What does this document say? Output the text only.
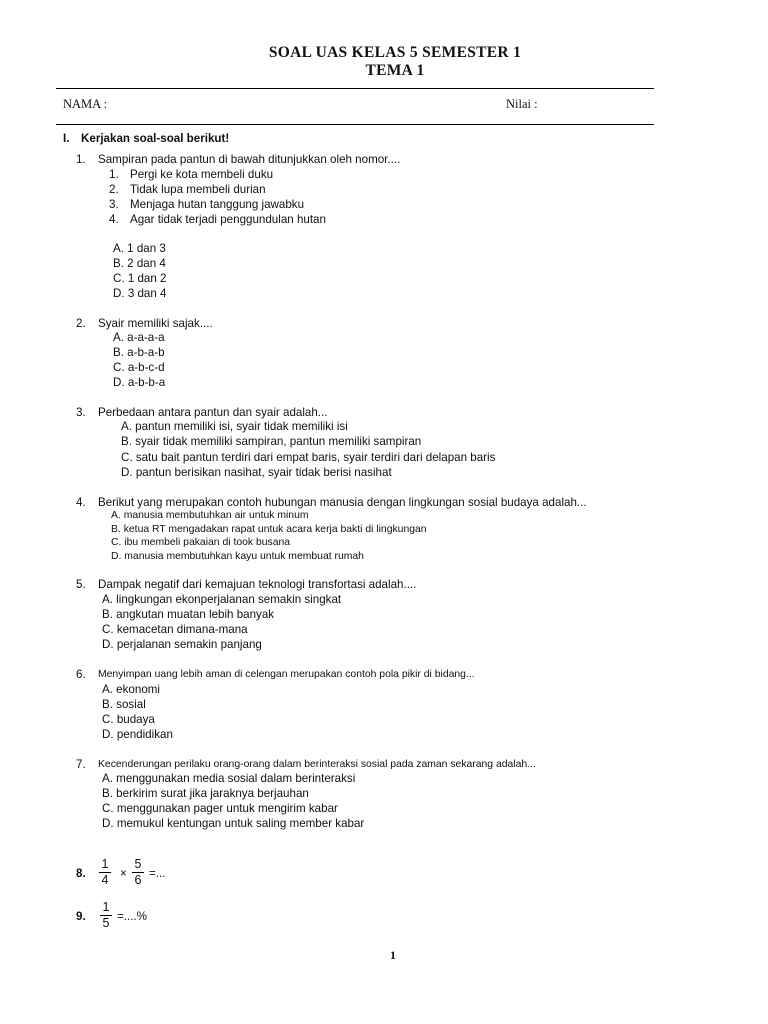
SOAL UAS KELAS 5 SEMESTER 1
TEMA 1
NAMA :	Nilai :
I. Kerjakan soal-soal berikut!
1. Sampiran pada pantun di bawah ditunjukkan oleh nomor....
1. Pergi ke kota membeli duku
2. Tidak lupa membeli durian
3. Menjaga hutan tanggung jawabku
4. Agar tidak terjadi penggundulan hutan
A. 1 dan 3
B. 2 dan 4
C. 1 dan 2
D. 3 dan 4
2. Syair memiliki sajak....
A. a-a-a-a
B. a-b-a-b
C. a-b-c-d
D. a-b-b-a
3. Perbedaan antara pantun dan syair adalah...
A. pantun memiliki isi, syair tidak memiliki isi
B. syair tidak memiliki sampiran, pantun memiliki sampiran
C. satu bait pantun terdiri dari empat baris, syair terdiri dari delapan baris
D. pantun berisikan nasihat, syair tidak berisi nasihat
4. Berikut yang merupakan contoh hubungan manusia dengan lingkungan sosial budaya adalah...
A. manusia membutuhkan air untuk minum
B. ketua RT mengadakan rapat untuk acara kerja bakti di lingkungan
C. ibu membeli pakaian di took busana
D. manusia membutuhkan kayu untuk membuat rumah
5. Dampak negatif dari kemajuan teknologi transfortasi adalah....
A. lingkungan ekonperjalanan semakin singkat
B. angkutan muatan lebih banyak
C. kemacetan dimana-mana
D. perjalanan semakin panjang
6. Menyimpan uang lebih aman di celengan merupakan contoh pola pikir di bidang...
A. ekonomi
B. sosial
C. budaya
D. pendidikan
7. Kecenderungan perilaku orang-orang dalam berinteraksi sosial pada zaman sekarang adalah...
A. menggunakan media sosial dalam berinteraksi
B. berkirim surat jika jaraknya berjauhan
C. menggunakan pager untuk mengirim kabar
D. memukul kentungan untuk saling member kabar
8.
1
4 ×
5
6 =...
9.
1
5 =....%
1
